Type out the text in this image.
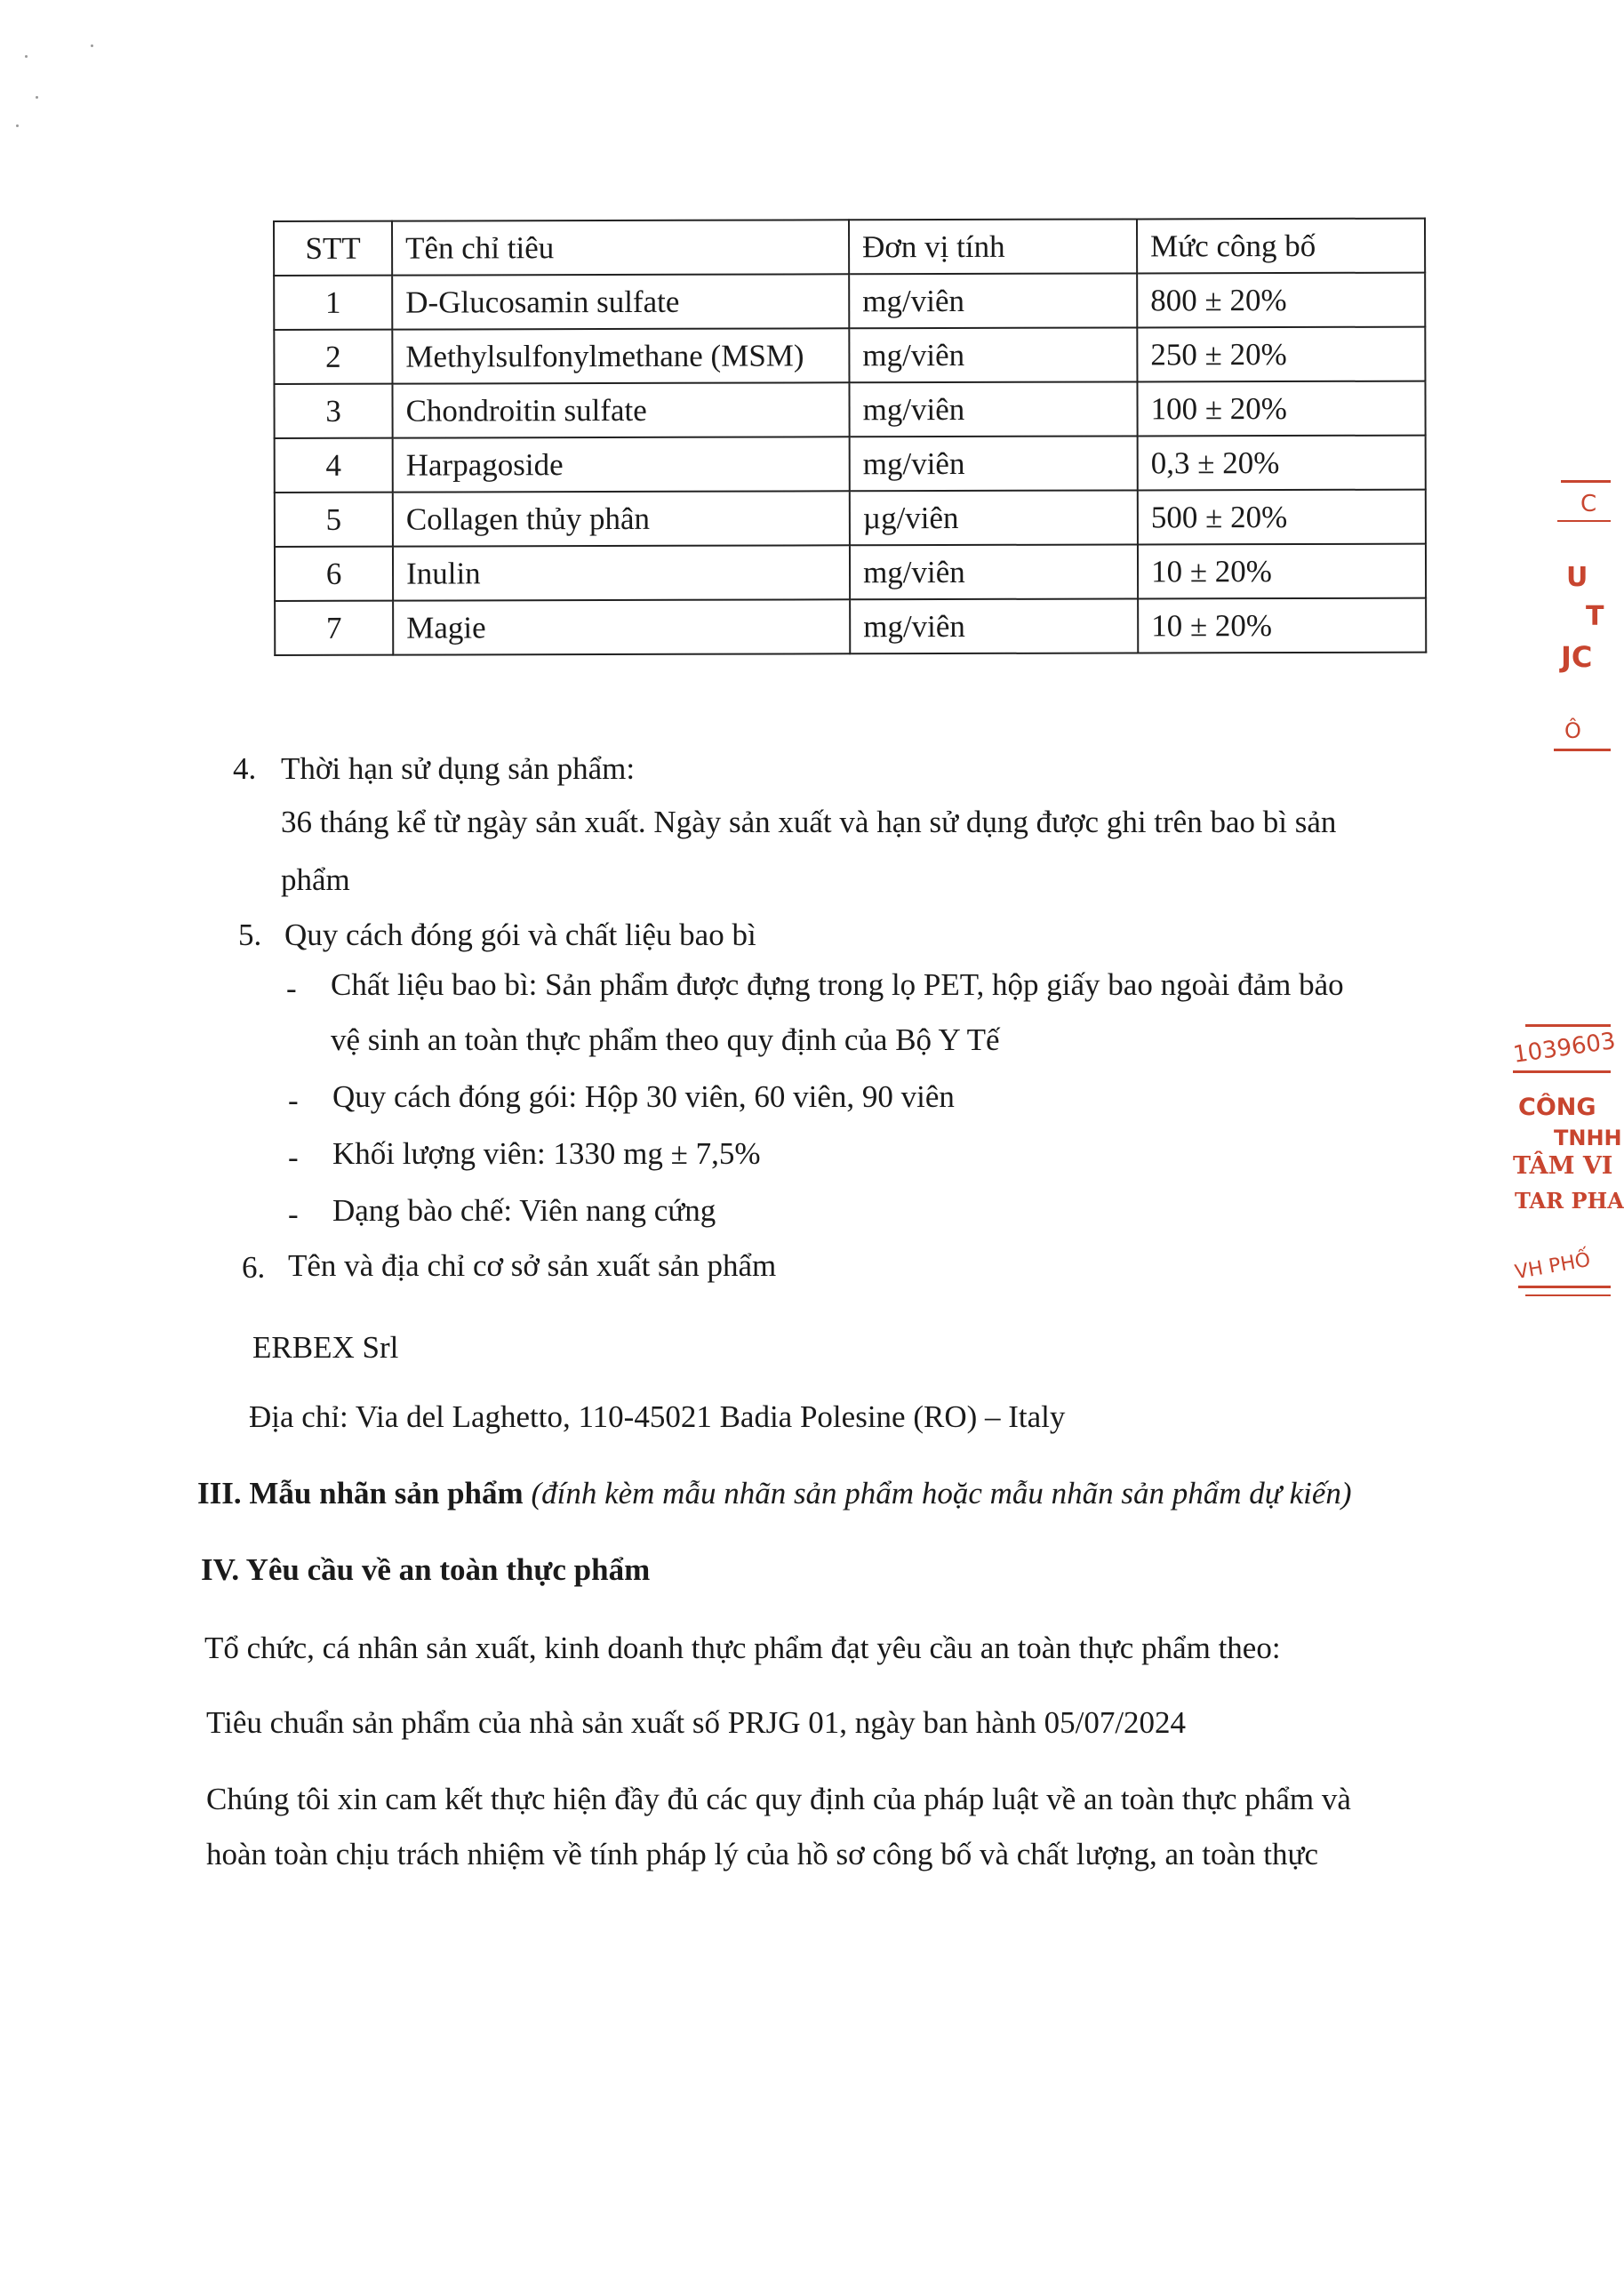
STT	Tên chỉ tiêu	Đơn vị tính	Mức công bố
1	D-Glucosamin sulfate	mg/viên	800 ± 20%
2	Methylsulfonylmethane (MSM)	mg/viên	250 ± 20%
3	Chondroitin sulfate	mg/viên	100 ± 20%
4	Harpagoside	mg/viên	0,3 ± 20%
5	Collagen thủy phân	µg/viên	500 ± 20%
6	Inulin	mg/viên	10 ± 20%
7	Magie	mg/viên	10 ± 20%
4. Thời hạn sử dụng sản phẩm:
36 tháng kể từ ngày sản xuất. Ngày sản xuất và hạn sử dụng được ghi trên bao bì sản
phẩm
5. Quy cách đóng gói và chất liệu bao bì
- Chất liệu bao bì: Sản phẩm được đựng trong lọ PET, hộp giấy bao ngoài đảm bảo
vệ sinh an toàn thực phẩm theo quy định của Bộ Y Tế
- Quy cách đóng gói: Hộp 30 viên, 60 viên, 90 viên
- Khối lượng viên: 1330 mg ± 7,5%
- Dạng bào chế: Viên nang cứng
6. Tên và địa chỉ cơ sở sản xuất sản phẩm
ERBEX Srl
Địa chỉ: Via del Laghetto, 110-45021 Badia Polesine (RO) – Italy
III. Mẫu nhãn sản phẩm (đính kèm mẫu nhãn sản phẩm hoặc mẫu nhãn sản phẩm dự kiến)
IV. Yêu cầu về an toàn thực phẩm
Tổ chức, cá nhân sản xuất, kinh doanh thực phẩm đạt yêu cầu an toàn thực phẩm theo:
Tiêu chuẩn sản phẩm của nhà sản xuất số PRJG 01, ngày ban hành 05/07/2024
Chúng tôi xin cam kết thực hiện đầy đủ các quy định của pháp luật về an toàn thực phẩm và
hoàn toàn chịu trách nhiệm về tính pháp lý của hồ sơ công bố và chất lượng, an toàn thực
C
U
T
JC
Ô
1039603
CÔNG
TNHH
TÂM VI
TAR PHA
VH PHỐ
